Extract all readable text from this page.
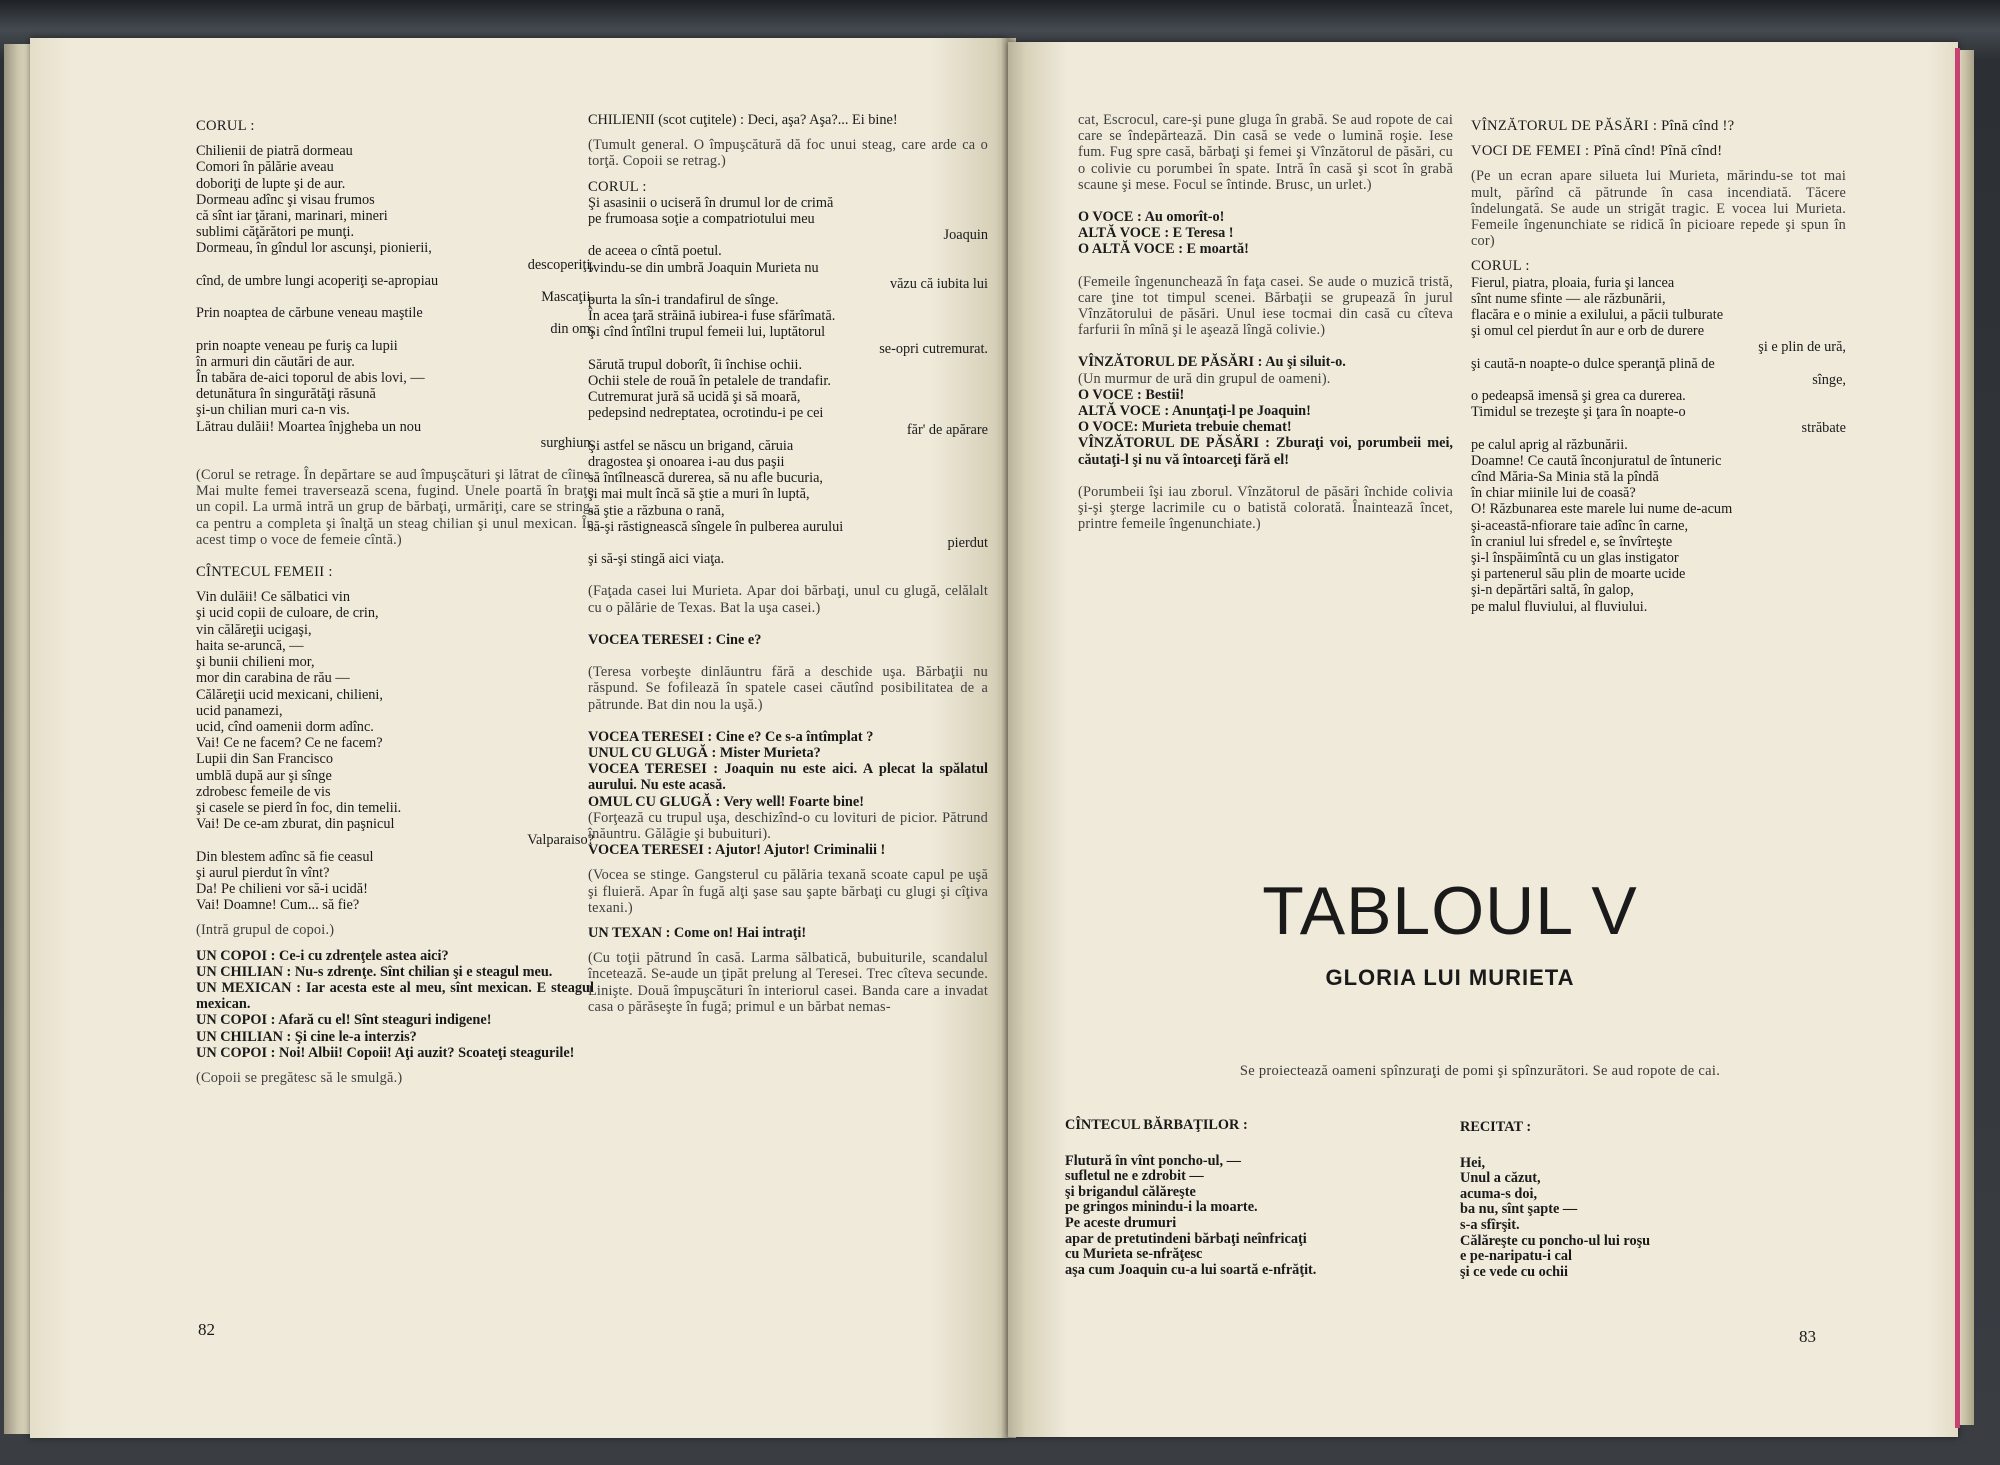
CORUL :

Chilienii de piatră dormeau

Comori în pălărie aveau

doboriţi de lupte şi de aur.

Dormeau adînc şi visau frumos

că sînt iar ţărani, marinari, mineri

sublimi căţărători pe munţi.

Dormeau, în gîndul lor ascunşi, pionierii,

descoperiţi,

cînd, de umbre lungi acoperiţi se-apropiau

Mascaţii.

Prin noaptea de cărbune veneau maştile

din om,

prin noapte veneau pe furiş ca lupii

în armuri din căutări de aur.

În tabăra de-aici toporul de abis lovi, —

detunătura în singurătăţi răsună

şi-un chilian muri ca-n vis.

Lătrau dulăii! Moartea înjgheba un nou

surghiun.

(Corul se retrage. În depărtare se aud împuşcături şi lătrat de cîine. Mai multe femei traversează scena, fugind. Unele poartă în braţe un copil. La urmă intră un grup de bărbaţi, urmăriţi, care se string, ca pentru a completa şi înalţă un steag chilian şi unul mexican. În acest timp o voce de femeie cîntă.)

CÎNTECUL FEMEII :

Vin dulăii! Ce sălbatici vin

şi ucid copii de culoare, de crin,

vin călăreţii ucigaşi,

haita se-aruncă, —

şi bunii chilieni mor,

mor din carabina de rău —

Călăreţii ucid mexicani, chilieni,

ucid panamezi,

ucid, cînd oamenii dorm adînc.

Vai! Ce ne facem? Ce ne facem?

Lupii din San Francisco

umblă după aur şi sînge

zdrobesc femeile de vis

şi casele se pierd în foc, din temelii.

Vai! De ce-am zburat, din paşnicul

Valparaiso?

Din blestem adînc să fie ceasul

şi aurul pierdut în vînt?

Da! Pe chilieni vor să-i ucidă!

Vai! Doamne! Cum... să fie?

(Intră grupul de copoi.)

UN COPOI : Ce-i cu zdrenţele astea aici?

UN CHILIAN : Nu-s zdrenţe. Sînt chilian şi e steagul meu.

UN MEXICAN : Iar acesta este al meu, sînt mexican. E steagul mexican.

UN COPOI : Afară cu el! Sînt steaguri indigene!

UN CHILIAN : Şi cine le-a interzis?

UN COPOI : Noi! Albii! Copoii! Aţi auzit? Scoateţi steagurile!

(Copoii se pregătesc să le smulgă.)

CHILIENII (scot cuţitele) : Deci, aşa? Aşa?... Ei bine!

(Tumult general. O împuşcătură dă foc unui steag, care arde ca o torţă. Copoii se retrag.)

CORUL :

Şi asasinii o uciseră în drumul lor de crimă

pe frumoasa soţie a compatriotului meu

Joaquin

de aceea o cîntă poetul.

Ivindu-se din umbră Joaquin Murieta nu

văzu că iubita lui

purta la sîn-i trandafirul de sînge.

În acea ţară străină iubirea-i fuse sfărîmată.

Şi cînd întîlni trupul femeii lui, luptătorul

se-opri cutremurat.

Sărută trupul doborît, îi închise ochii.

Ochii stele de rouă în petalele de trandafir.

Cutremurat jură să ucidă şi să moară,

pedepsind nedreptatea, ocrotindu-i pe cei

făr' de apărare

Şi astfel se născu un brigand, căruia

dragostea şi onoarea i-au dus paşii

să întîlnească durerea, să nu afle bucuria,

şi mai mult încă să ştie a muri în luptă,

să ştie a răzbuna o rană,

să-şi răstignească sîngele în pulberea aurului

pierdut

şi să-şi stingă aici viaţa.

(Faţada casei lui Murieta. Apar doi bărbaţi, unul cu glugă, celălalt cu o pălărie de Texas. Bat la uşa casei.)

VOCEA TERESEI : Cine e?

(Teresa vorbeşte dinlăuntru fără a deschide uşa. Bărbaţii nu răspund. Se fofilează în spatele casei căutînd posibilitatea de a pătrunde. Bat din nou la uşă.)

VOCEA TERESEI : Cine e? Ce s-a întîmplat ?

UNUL CU GLUGĂ : Mister Murieta?

VOCEA TERESEI : Joaquin nu este aici. A plecat la spălatul aurului. Nu este acasă.

OMUL CU GLUGĂ : Very well! Foarte bine!

(Forţează cu trupul uşa, deschizînd-o cu lovituri de picior. Pătrund înăuntru. Gălăgie şi bubuituri).

VOCEA TERESEI : Ajutor! Ajutor! Criminalii !

(Vocea se stinge. Gangsterul cu pălăria texană scoate capul pe uşă şi fluieră. Apar în fugă alţi şase sau şapte bărbaţi cu glugi şi cîţiva texani.)

UN TEXAN : Come on! Hai intraţi!

(Cu toţii pătrund în casă. Larma sălbatică, bubuiturile, scandalul încetează. Se-aude un ţipăt prelung al Teresei. Trec cîteva secunde. Linişte. Două împuşcături în interiorul casei. Banda care a invadat casa o părăseşte în fugă; primul e un bărbat nemas-

82

cat, Escrocul, care-şi pune gluga în grabă. Se aud ropote de cai care se îndepărtează. Din casă se vede o lumină roşie. Iese fum. Fug spre casă, bărbaţi şi femei şi Vînzătorul de păsări, cu o colivie cu porumbei în spate. Intră în casă şi scot în grabă scaune şi mese. Focul se întinde. Brusc, un urlet.)

O VOCE : Au omorît-o!

ALTĂ VOCE : E Teresa !

O ALTĂ VOCE : E moartă!

(Femeile îngenunchează în faţa casei. Se aude o muzică tristă, care ţine tot timpul scenei. Bărbaţii se grupează în jurul Vînzătorului de păsări. Unul iese tocmai din casă cu cîteva farfurii în mînă şi le aşează lîngă colivie.)

VÎNZĂTORUL DE PĂSĂRI : Au şi siluit-o.

(Un murmur de ură din grupul de oameni).

O VOCE : Bestii!

ALTĂ VOCE : Anunţaţi-l pe Joaquin!

O VOCE: Murieta trebuie chemat!

VÎNZĂTORUL DE PĂSĂRI : Zburaţi voi, porumbeii mei, căutaţi-l şi nu vă întoarceţi fără el!

(Porumbeii îşi iau zborul. Vînzătorul de păsări închide colivia şi-şi şterge lacrimile cu o batistă colorată. Înaintează încet, printre femeile îngenunchiate.)

VÎNZĂTORUL DE PĂSĂRI : Pînă cînd !?

VOCI DE FEMEI : Pînă cînd! Pînă cînd!

(Pe un ecran apare silueta lui Murieta, mărindu-se tot mai mult, părînd că pătrunde în casa incendiată. Tăcere îndelungată. Se aude un strigăt tragic. E vocea lui Murieta. Femeile îngenunchiate se ridică în picioare repede şi spun în cor)

CORUL :

Fierul, piatra, ploaia, furia şi lancea

sînt nume sfinte — ale răzbunării,

flacăra e o minie a exilului, a păcii tulburate

şi omul cel pierdut în aur e orb de durere

şi e plin de ură,

şi caută-n noapte-o dulce speranţă plină de

sînge,

o pedeapsă imensă şi grea ca durerea.

Timidul se trezeşte şi ţara în noapte-o

străbate

pe calul aprig al răzbunării.

Doamne! Ce caută înconjuratul de întuneric

cînd Măria-Sa Minia stă la pîndă

în chiar miinile lui de coasă?

O! Răzbunarea este marele lui nume de-acum

şi-această-nfiorare taie adînc în carne,

în craniul lui sfredel e, se învîrteşte

şi-l înspăimîntă cu un glas instigator

şi partenerul său plin de moarte ucide

şi-n depărtări saltă, în galop,

pe malul fluviului, al fluviului.

CÎNTECUL BĂRBAŢILOR :

Flutură în vînt poncho-ul, —

sufletul ne e zdrobit —

şi brigandul călăreşte

pe gringos minindu-i la moarte.

Pe aceste drumuri

apar de pretutindeni bărbaţi neînfricaţi

cu Murieta se-nfrăţesc

aşa cum Joaquin cu-a lui soartă e-nfrăţit.

RECITAT :

Hei,

Unul a căzut,

acuma-s doi,

ba nu, sînt şapte —

s-a sfîrşit.

Călăreşte cu poncho-ul lui roşu

e pe-naripatu-i cal

şi ce vede cu ochii

83
TABLOUL V
GLORIA LUI MURIETA
Se proiectează oameni spînzuraţi de pomi şi spînzurători. Se aud ropote de cai.
